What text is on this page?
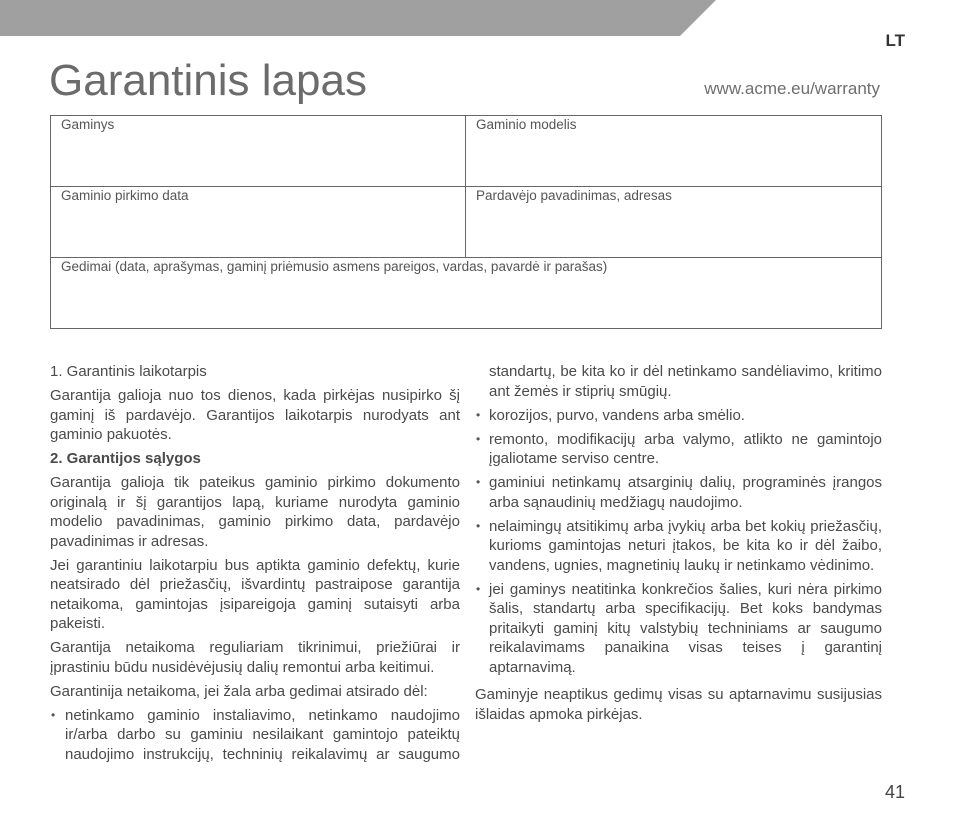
LT
Garantinis lapas	www.acme.eu/warranty
Gaminys	Gaminio modelis
Gaminio pirkimo data	Pardavėjo pavadinimas, adresas
Gedimai (data, aprašymas, gaminį priėmusio asmens pareigos, vardas, pavardė ir parašas)

1. Garantinis laikotarpis

Garantija galioja nuo tos dienos, kada pirkėjas nusipirko šį gaminį iš pardavėjo. Garantijos laikotarpis nurodyats ant gaminio pakuotės.

2. Garantijos sąlygos

Garantija galioja tik pateikus gaminio pirkimo dokumento originalą ir šį garantijos lapą, kuriame nurodyta gaminio modelio pavadinimas, gaminio pirkimo data, pardavėjo pavadinimas ir adresas.

Jei garantiniu laikotarpiu bus aptikta gaminio defektų, kurie neatsirado dėl priežasčių, išvardintų pastraipose garantija netaikoma, gamintojas įsipareigoja gaminį sutaisyti arba pakeisti.

Garantija netaikoma reguliariam tikrinimui, priežiūrai ir įprastiniu būdu nusidėvėjusių dalių remontui arba keitimui.

Garantinija netaikoma, jei žala arba gedimai atsirado dėl:

•
netinkamo gaminio instaliavimo, netinkamo naudojimo ir/arba darbo su gaminiu nesilaikant gamintojo pateiktų naudojimo instrukcijų, techninių reikalavimų ar saugumo

standartų, be kita ko ir dėl netinkamo sandėliavimo, kritimo ant žemės ir stiprių smūgių.

•
korozijos, purvo, vandens arba smėlio.
•
remonto, modifikacijų arba valymo, atlikto ne gamintojo įgaliotame serviso centre.
•
gaminiui netinkamų atsarginių dalių, programinės įrangos arba sąnaudinių medžiagų naudojimo.
•
nelaimingų atsitikimų arba įvykių arba bet kokių priežasčių, kurioms gamintojas neturi įtakos, be kita ko ir dėl žaibo, vandens, ugnies, magnetinių laukų ir netinkamo vėdinimo.
•
jei gaminys neatitinka konkrečios šalies, kuri nėra pirkimo šalis, standartų arba specifikacijų. Bet koks bandymas pritaikyti gaminį kitų valstybių techniniams ar saugumo reikalavimams panaikina visas teises į garantinį aptarnavimą.

Gaminyje neaptikus gedimų visas su aptarnavimu susijusias išlaidas apmoka pirkėjas.

41
